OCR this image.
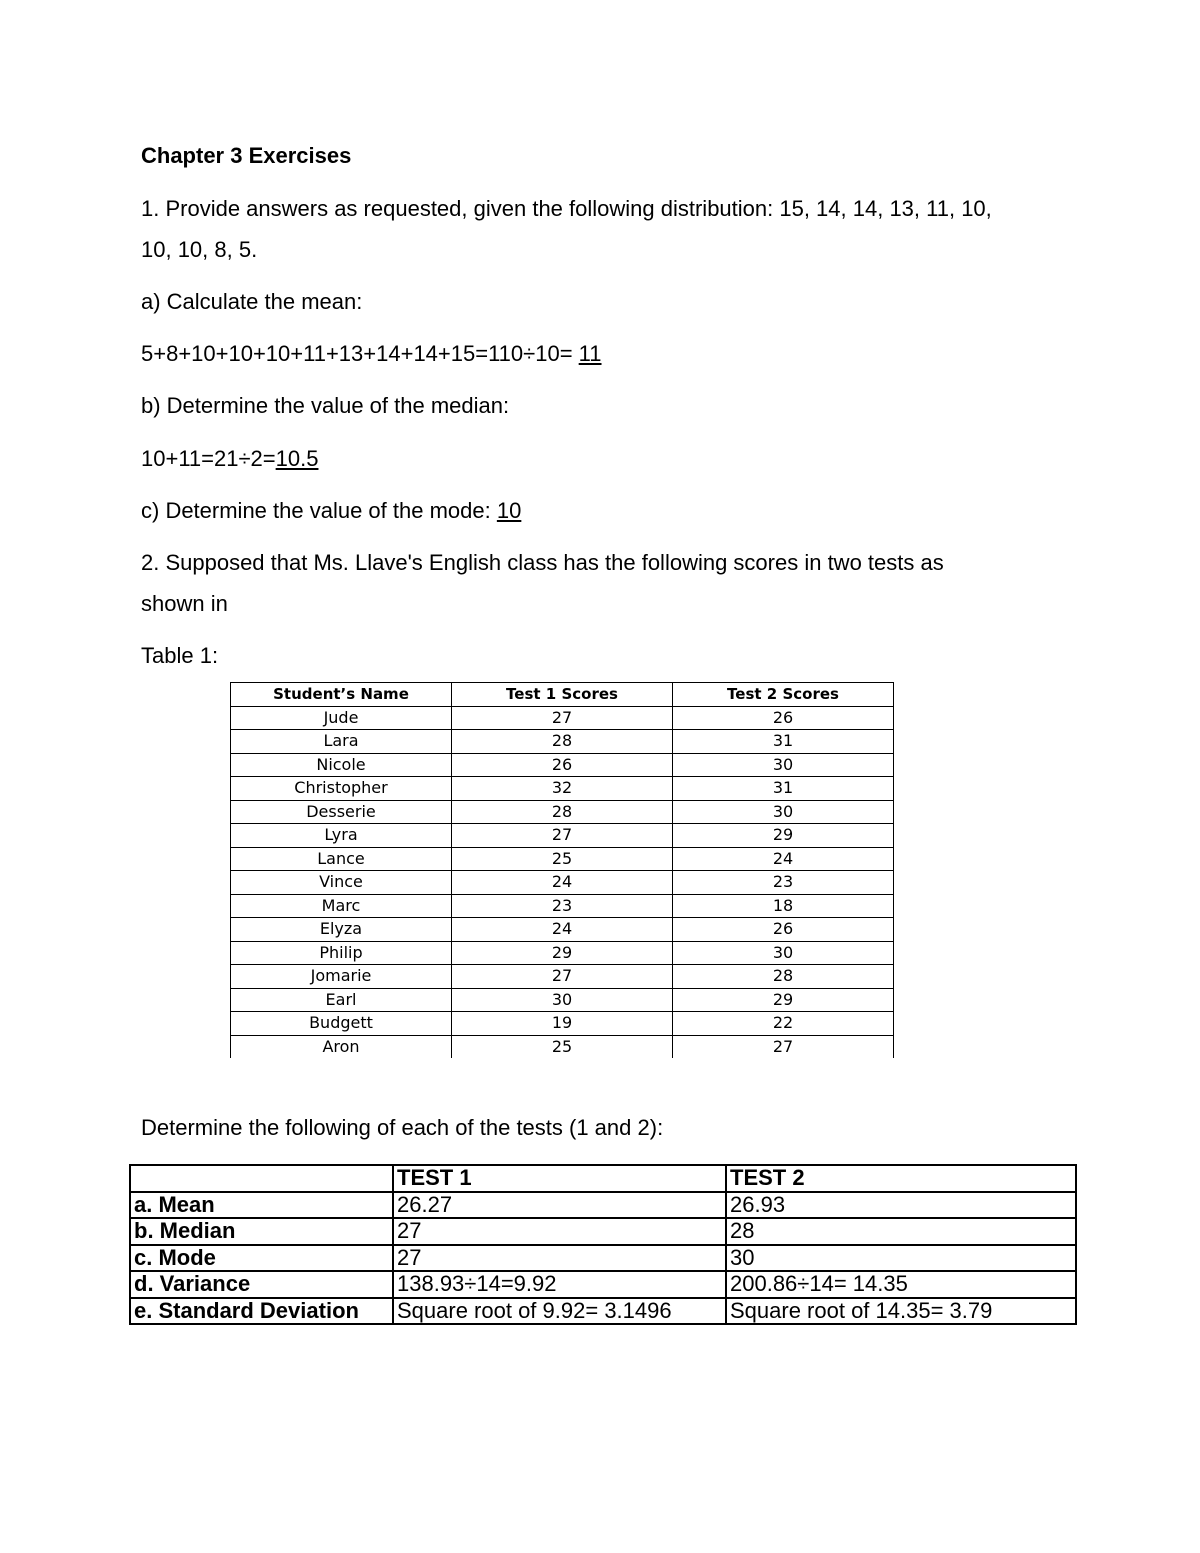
Chapter 3 Exercises
1. Provide answers as requested, given the following distribution: 15, 14, 14, 13, 11, 10,
10, 10, 8, 5.
a) Calculate the mean:
5+8+10+10+10+11+13+14+14+15=110÷10= 11
b) Determine the value of the median:
10+11=21÷2=10.5
c) Determine the value of the mode: 10
2. Supposed that Ms. Llave's English class has the following scores in two tests as
shown in
Table 1:
Student’s Name	Test 1 Scores	Test 2 Scores
Jude	27	26
Lara	28	31
Nicole	26	30
Christopher	32	31
Desserie	28	30
Lyra	27	29
Lance	25	24
Vince	24	23
Marc	23	18
Elyza	24	26
Philip	29	30
Jomarie	27	28
Earl	30	29
Budgett	19	22
Aron	25	27
Determine the following of each of the tests (1 and 2):
	TEST 1	TEST 2
a. Mean	26.27	26.93
b. Median	27	28
c. Mode	27	30
d. Variance	138.93÷14=9.92	200.86÷14= 14.35
e. Standard Deviation	Square root of 9.92= 3.1496	Square root of 14.35= 3.79
